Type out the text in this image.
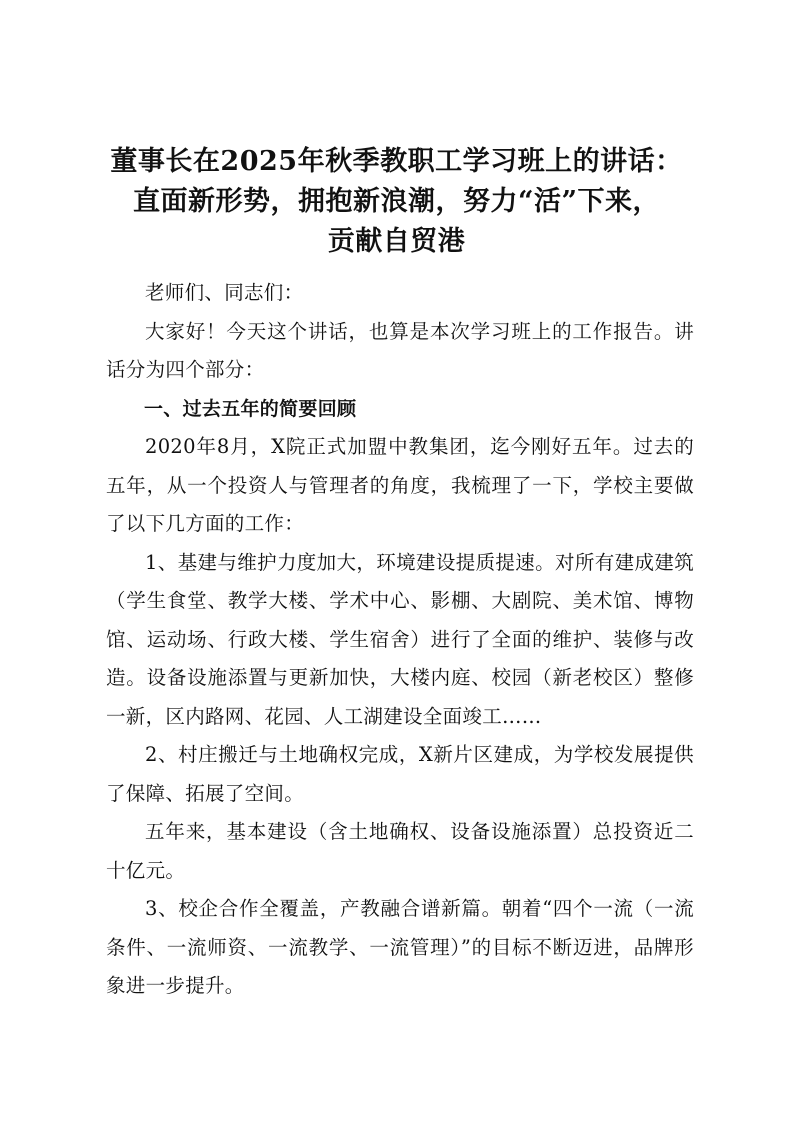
董事长在2025年秋季教职工学习班上的讲话：
直面新形势，拥抱新浪潮，努力“活”下来，
贡献自贸港

老师们、同志们：

大家好！今天这个讲话，也算是本次学习班上的工作报告。讲话分为四个部分：

一、过去五年的简要回顾

2020年8月，X院正式加盟中教集团，迄今刚好五年。过去的五年，从一个投资人与管理者的角度，我梳理了一下，学校主要做了以下几方面的工作：

1、基建与维护力度加大，环境建设提质提速。对所有建成建筑（学生食堂、教学大楼、学术中心、影棚、大剧院、美术馆、博物馆、运动场、行政大楼、学生宿舍）进行了全面的维护、装修与改造。设备设施添置与更新加快，大楼内庭、校园（新老校区）整修一新，区内路网、花园、人工湖建设全面竣工……

2、村庄搬迁与土地确权完成，X新片区建成，为学校发展提供了保障、拓展了空间。

五年来，基本建设（含土地确权、设备设施添置）总投资近二十亿元。

3、校企合作全覆盖，产教融合谱新篇。朝着“四个一流（一流条件、一流师资、一流教学、一流管理）”的目标不断迈进，品牌形象进一步提升。
